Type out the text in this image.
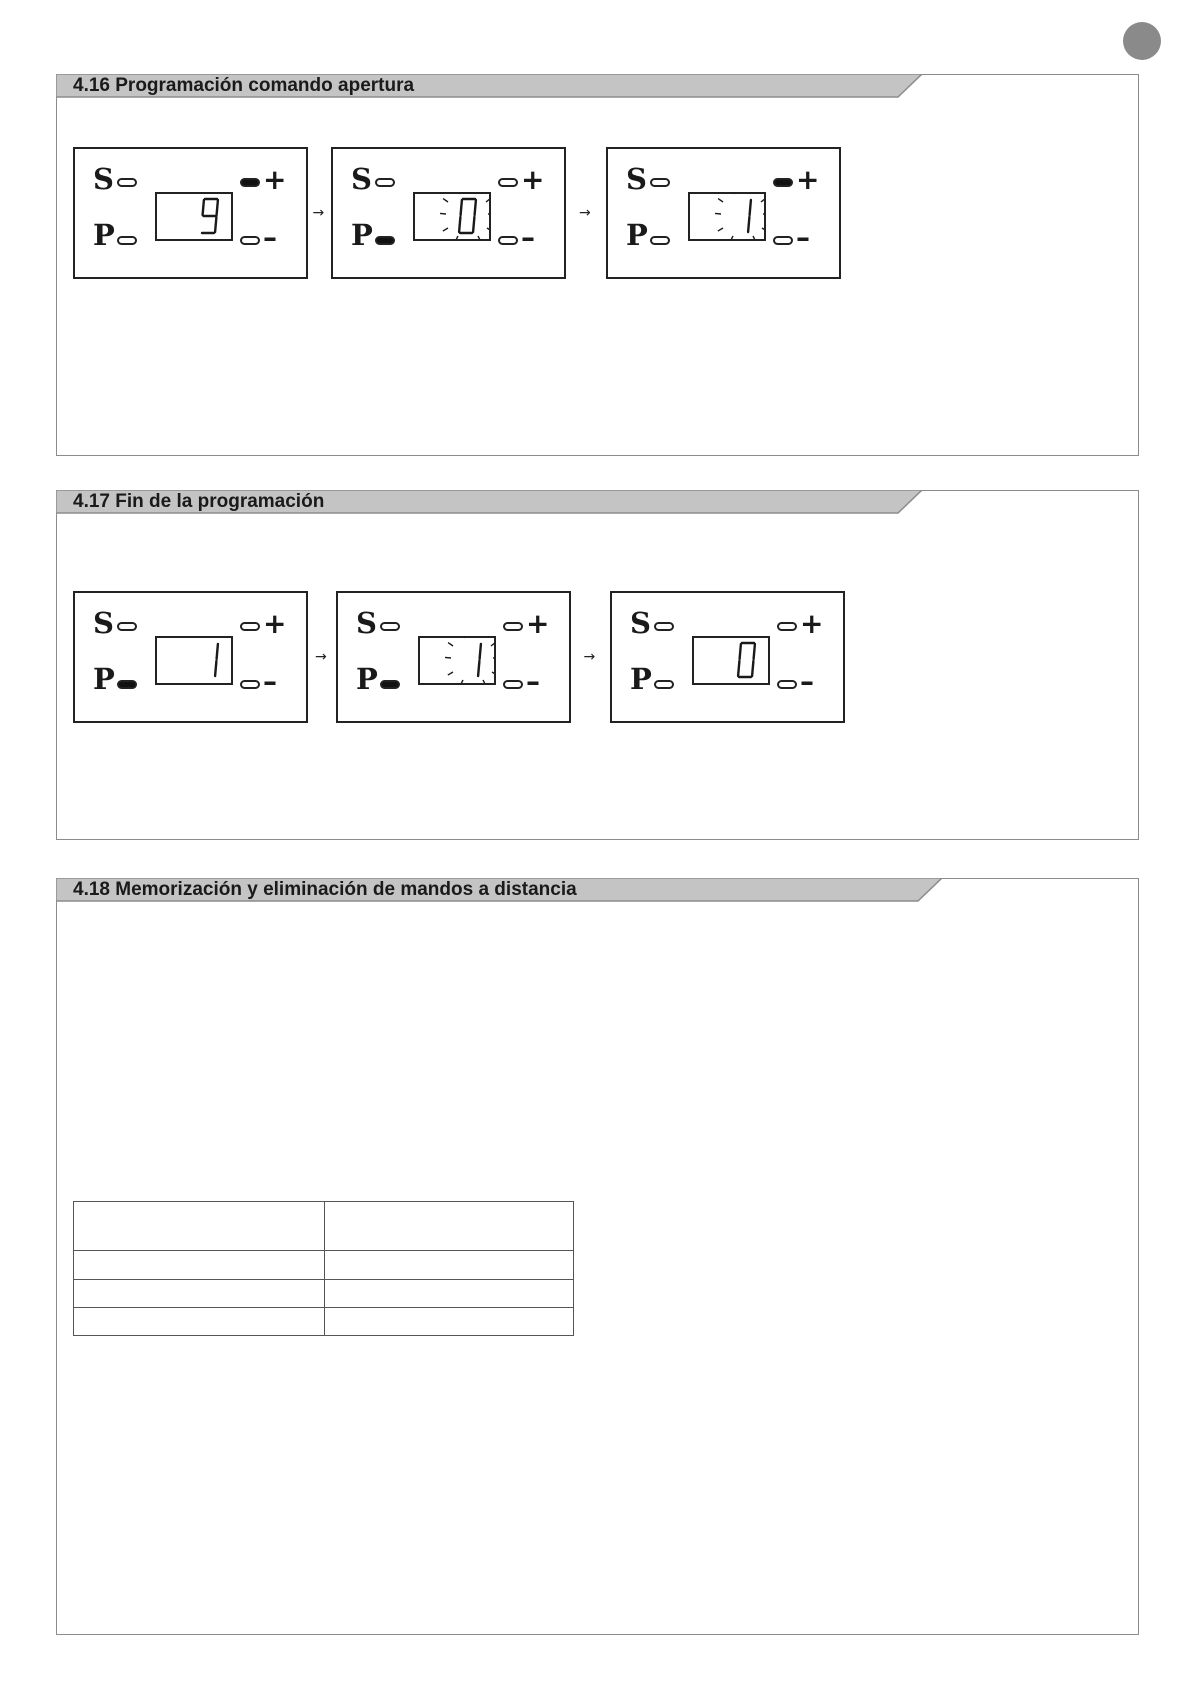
4.16 Programación comando apertura
S
P
+
–
S
P
+
–
S
P
+
–
→	→
4.17 Fin de la programación
S
P
+
–
S
P
+
–
S
P
+
–
→	→
4.18 Memorización y eliminación de mandos a distancia
